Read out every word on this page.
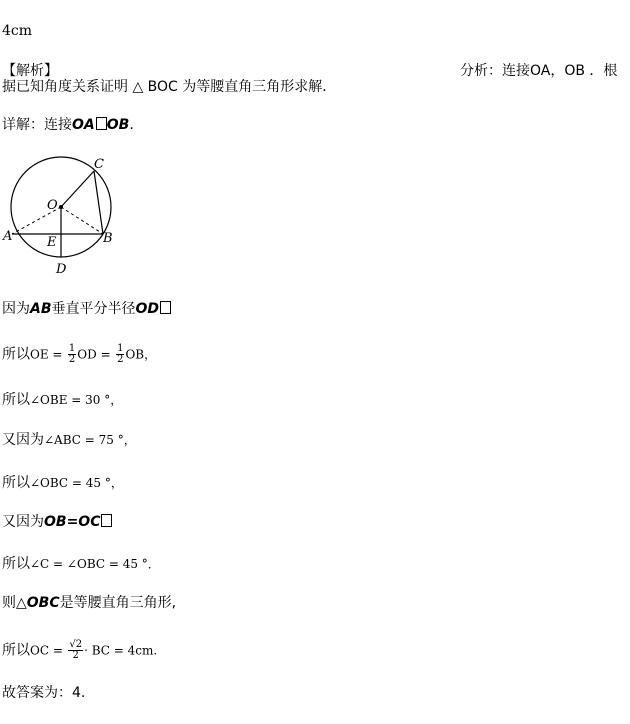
4cm
【解析】	分析：连接OA，OB ．根
据已知角度关系证明 △ BOC 为等腰直角三角形求解．
详解：连接OA OB.
C
O
A	B
E
D
因为AB垂直平分半径OD
所以OE = $\frac{1}{2}$ OD = $\frac{1}{2}$ OB，
所以∠OBE = 30 °，
又因为∠ABC = 75 °，
所以∠OBC = 45 °，
又因为OB=OC
所以∠C = ∠OBC = 45 °．
则△OBC是等腰直角三角形,
所以OC = $\frac{√2}{2}$ · BC = 4cm.
故答案为：4.
